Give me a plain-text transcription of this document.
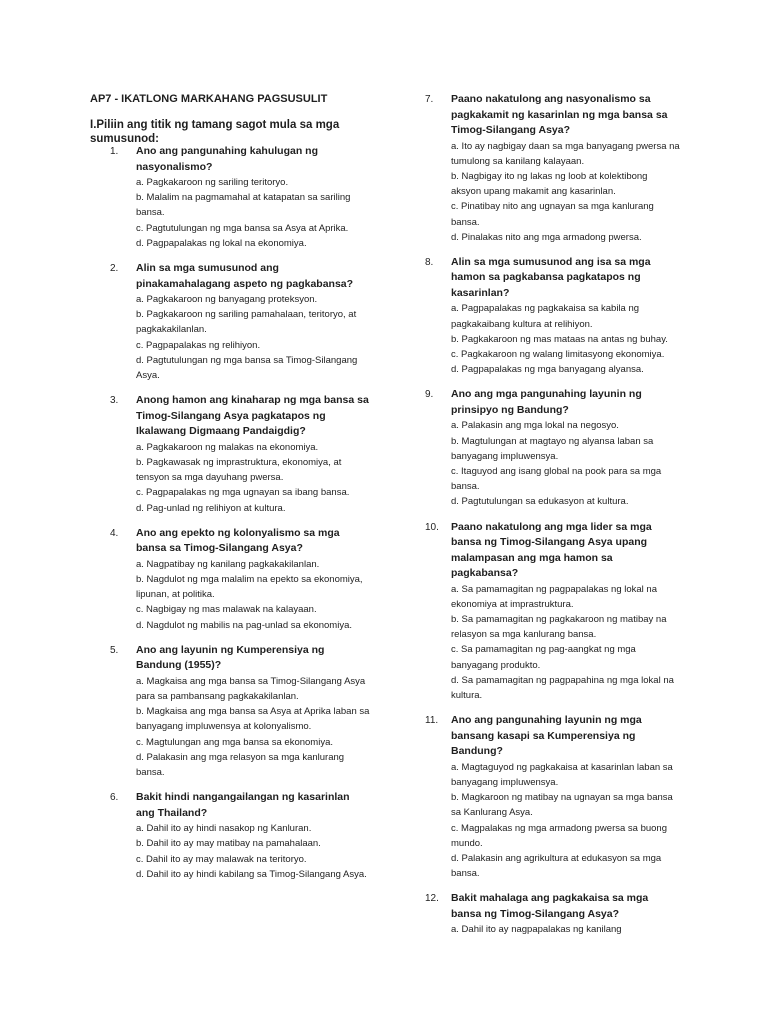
AP7 - IKATLONG MARKAHANG PAGSUSULIT

I.Piliin ang titik ng tamang sagot mula sa mga sumusunod:

1. Ano ang pangunahing kahulugan ng nasyonalismo?

a. Pagkakaroon ng sariling teritoryo.

b. Malalim na pagmamahal at katapatan sa sariling bansa.

c. Pagtutulungan ng mga bansa sa Asya at Aprika.

d. Pagpapalakas ng lokal na ekonomiya.

2. Alin sa mga sumusunod ang pinakamahalagang aspeto ng pagkabansa?

a. Pagkakaroon ng banyagang proteksyon.

b. Pagkakaroon ng sariling pamahalaan, teritoryo, at pagkakakilanlan.

c. Pagpapalakas ng relihiyon.

d. Pagtutulungan ng mga bansa sa Timog-Silangang Asya.

3. Anong hamon ang kinaharap ng mga bansa sa Timog-Silangang Asya pagkatapos ng Ikalawang Digmaang Pandaigdig?

a. Pagkakaroon ng malakas na ekonomiya.

b. Pagkawasak ng imprastruktura, ekonomiya, at tensyon sa mga dayuhang pwersa.

c. Pagpapalakas ng mga ugnayan sa ibang bansa.

d. Pag-unlad ng relihiyon at kultura.

4. Ano ang epekto ng kolonyalismo sa mga bansa sa Timog-Silangang Asya?

a. Nagpatibay ng kanilang pagkakakilanlan.

b. Nagdulot ng mga malalim na epekto sa ekonomiya, lipunan, at politika.

c. Nagbigay ng mas malawak na kalayaan.

d. Nagdulot ng mabilis na pag-unlad sa ekonomiya.

5. Ano ang layunin ng Kumperensiya ng Bandung (1955)?

a. Magkaisa ang mga bansa sa Timog-Silangang Asya para sa pambansang pagkakakilanlan.

b. Magkaisa ang mga bansa sa Asya at Aprika laban sa banyagang impluwensya at kolonyalismo.

c. Magtulungan ang mga bansa sa ekonomiya.

d. Palakasin ang mga relasyon sa mga kanlurang bansa.

6. Bakit hindi nangangailangan ng kasarinlan ang Thailand?

a. Dahil ito ay hindi nasakop ng Kanluran.

b. Dahil ito ay may matibay na pamahalaan.

c. Dahil ito ay may malawak na teritoryo.

d. Dahil ito ay hindi kabilang sa Timog-Silangang Asya.

7. Paano nakatulong ang nasyonalismo sa pagkakamit ng kasarinlan ng mga bansa sa Timog-Silangang Asya?

a. Ito ay nagbigay daan sa mga banyagang pwersa na tumulong sa kanilang kalayaan.

b. Nagbigay ito ng lakas ng loob at kolektibong aksyon upang makamit ang kasarinlan.

c. Pinatibay nito ang ugnayan sa mga kanlurang bansa.

d. Pinalakas nito ang mga armadong pwersa.

8. Alin sa mga sumusunod ang isa sa mga hamon sa pagkabansa pagkatapos ng kasarinlan?

a. Pagpapalakas ng pagkakaisa sa kabila ng pagkakaibang kultura at relihiyon.

b. Pagkakaroon ng mas mataas na antas ng buhay.

c. Pagkakaroon ng walang limitasyong ekonomiya.

d. Pagpapalakas ng mga banyagang alyansa.

9. Ano ang mga pangunahing layunin ng prinsipyo ng Bandung?

a. Palakasin ang mga lokal na negosyo.

b. Magtulungan at magtayo ng alyansa laban sa banyagang impluwensya.

c. Itaguyod ang isang global na pook para sa mga bansa.

d. Pagtutulungan sa edukasyon at kultura.

10. Paano nakatulong ang mga lider sa mga bansa ng Timog-Silangang Asya upang malampasan ang mga hamon sa pagkabansa?

a. Sa pamamagitan ng pagpapalakas ng lokal na ekonomiya at imprastruktura.

b. Sa pamamagitan ng pagkakaroon ng matibay na relasyon sa mga kanlurang bansa.

c. Sa pamamagitan ng pag-aangkat ng mga banyagang produkto.

d. Sa pamamagitan ng pagpapahina ng mga lokal na kultura.

11. Ano ang pangunahing layunin ng mga bansang kasapi sa Kumperensiya ng Bandung?

a. Magtaguyod ng pagkakaisa at kasarinlan laban sa banyagang impluwensya.

b. Magkaroon ng matibay na ugnayan sa mga bansa sa Kanlurang Asya.

c. Magpalakas ng mga armadong pwersa sa buong mundo.

d. Palakasin ang agrikultura at edukasyon sa mga bansa.

12. Bakit mahalaga ang pagkakaisa sa mga bansa ng Timog-Silangang Asya?

a. Dahil ito ay nagpapalakas ng kanilang
